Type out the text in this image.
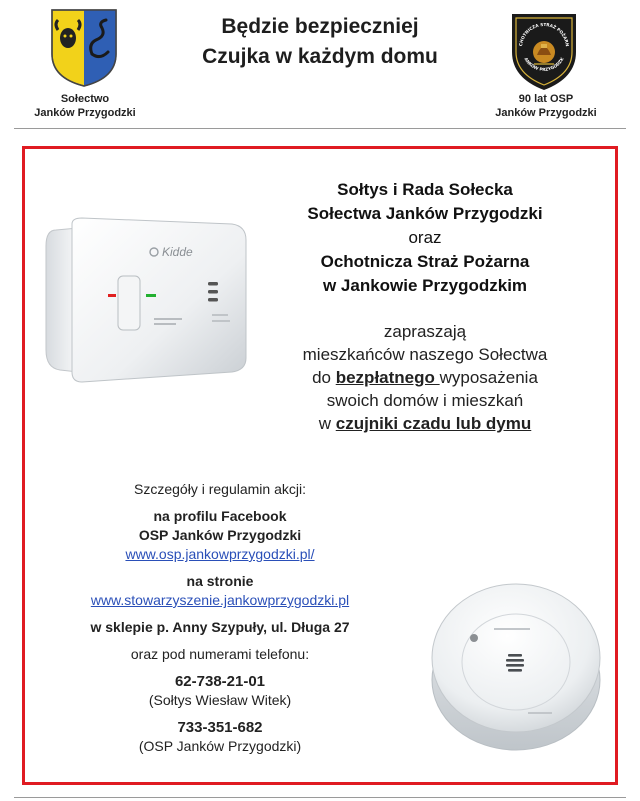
Sołectwo
Janków Przygodzki
Będzie bezpieczniej
Czujka w każdym domu
CHOTNICZA STRAŻ POŻARN
ANKÓW PRZYGODZK
90 lat OSP
Janków Przygodzki
Kidde
Sołtys i Rada Sołecka
Sołectwa Janków Przygodzki
oraz
Ochotnicza Straż Pożarna
w Jankowie Przygodzkim
zapraszają
mieszkańców naszego Sołectwa
do bezpłatnego wyposażenia
swoich domów i mieszkań
w czujniki czadu lub dymu
Szczegóły i regulamin akcji:
na profilu Facebook
OSP Janków Przygodzki
www.osp.jankowprzygodzki.pl/
na stronie
www.stowarzyszenie.jankowprzygodzki.pl
w sklepie p. Anny Szypuły, ul. Długa 27
oraz pod numerami telefonu:
62-738-21-01
(Sołtys Wiesław Witek)
733-351-682
(OSP Janków Przygodzki)
